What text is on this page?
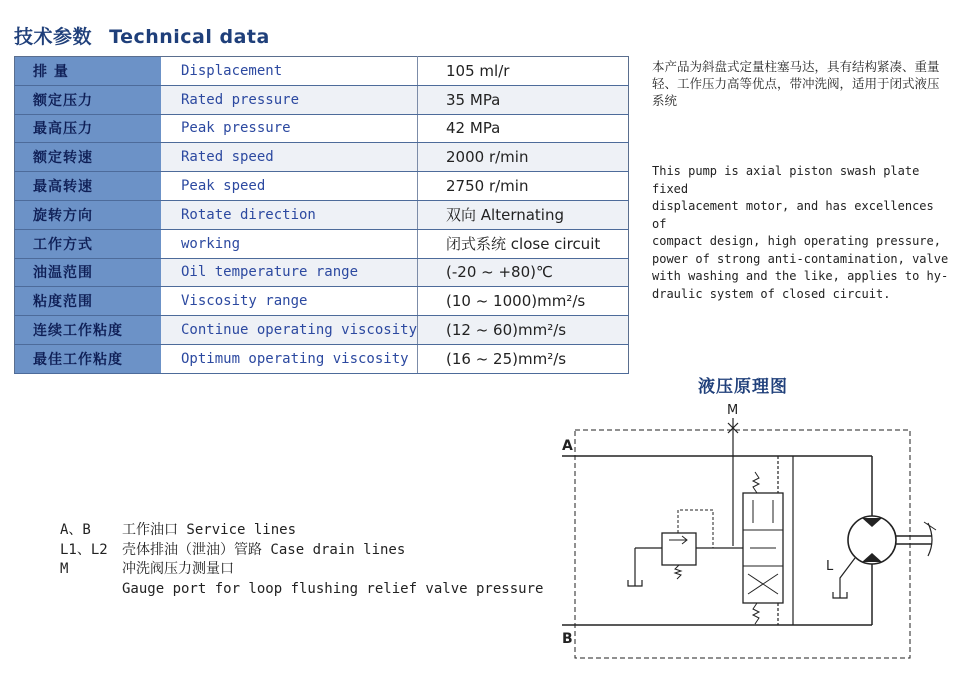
技术参数 Technical data
排 量	Displacement	105 ml/r
额定压力	Rated pressure	35 MPa
最高压力	Peak pressure	42 MPa
额定转速	Rated speed	2000 r/min
最高转速	Peak speed	2750 r/min
旋转方向	Rotate direction	双向 Alternating
工作方式	working	闭式系统 close circuit
油温范围	Oil temperature range	(-20 ~ +80)℃
粘度范围	Viscosity range	(10 ~ 1000)mm²/s
连续工作粘度	Continue operating viscosity	(12 ~ 60)mm²/s
最佳工作粘度	Optimum operating viscosity	(16 ~ 25)mm²/s
本产品为斜盘式定量柱塞马达，具有结构紧凑、重量轻、工作压力高等优点，带冲洗阀，适用于闭式液压系统
This pump is axial piston swash plate fixed
displacement motor, and has excellences of
compact design, high operating pressure,
power of strong anti-contamination, valve
with washing and the like, applies to hy-
draulic system of closed circuit.
液压原理图
M
A
B
L
A、B 工作油口 Service lines
L1、L2 壳体排油（泄油）管路 Case drain lines
M	冲洗阀压力测量口
Gauge port for loop flushing relief valve pressure
